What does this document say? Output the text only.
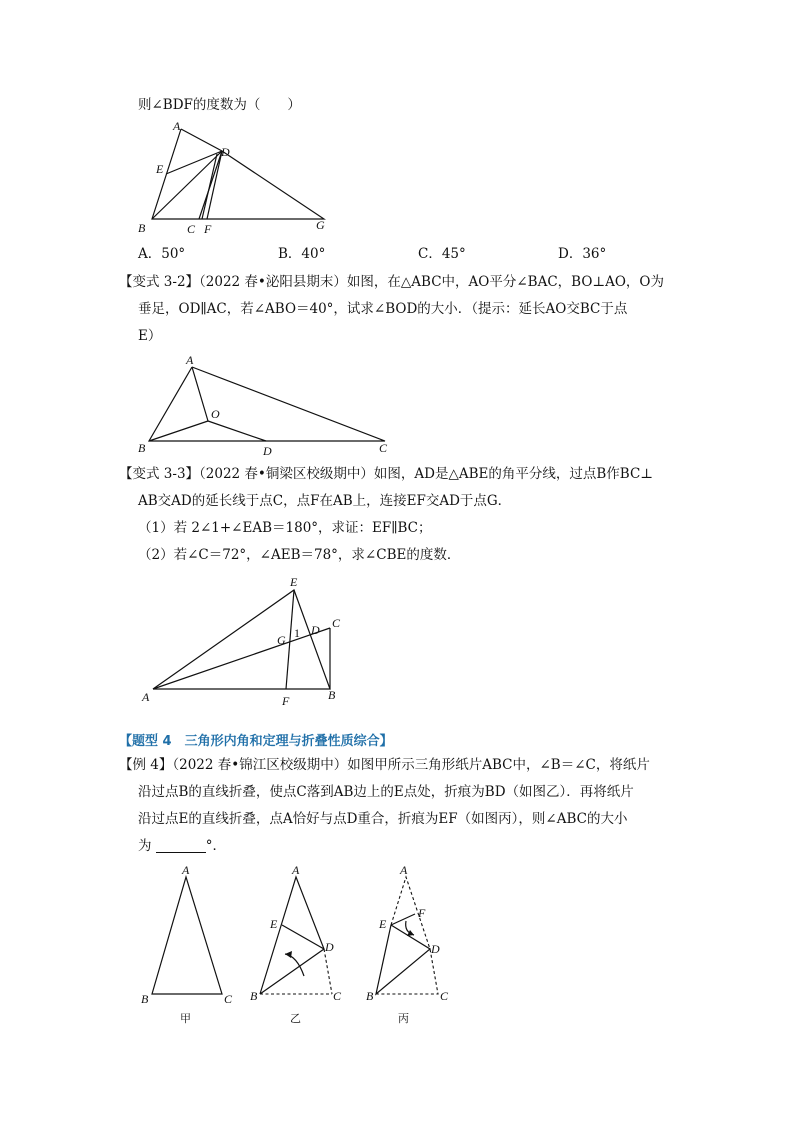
则∠BDF的度数为（　　）
A
D
E
B	C F	G
A．50°	B．40°	C．45°	D．36°
【变式 3-2】（2022 春•泌阳县期末）如图，在△ABC中，AO平分∠BAC，BO⊥AO，O为
垂足，OD∥AC，若∠ABO＝40°，试求∠BOD的大小．（提示：延长AO交BC于点
E）
A
O
B	D	C
【变式 3-3】（2022 春•铜梁区校级期中）如图，AD是△ABE的角平分线，过点B作BC⊥
AB交AD的延长线于点C，点F在AB上，连接EF交AD于点G．
（1）若 2∠1+∠EAB＝180°，求证：EF∥BC；
（2）若∠C＝72°，∠AEB＝78°，求∠CBE的度数．
E
G 1 D C
A	F	B
【题型 4　三角形内角和定理与折叠性质综合】
【例 4】（2022 春•锦江区校级期中）如图甲所示三角形纸片ABC中，∠B＝∠C，将纸片
沿过点B的直线折叠，使点C落到AB边上的E点处，折痕为BD（如图乙）．再将纸片
沿过点E的直线折叠，点A恰好与点D重合，折痕为EF（如图丙），则∠ABC的大小
为	°．
A
B	C
甲
A
E
D
B	C
乙
A
F
E
D
B	C
丙
